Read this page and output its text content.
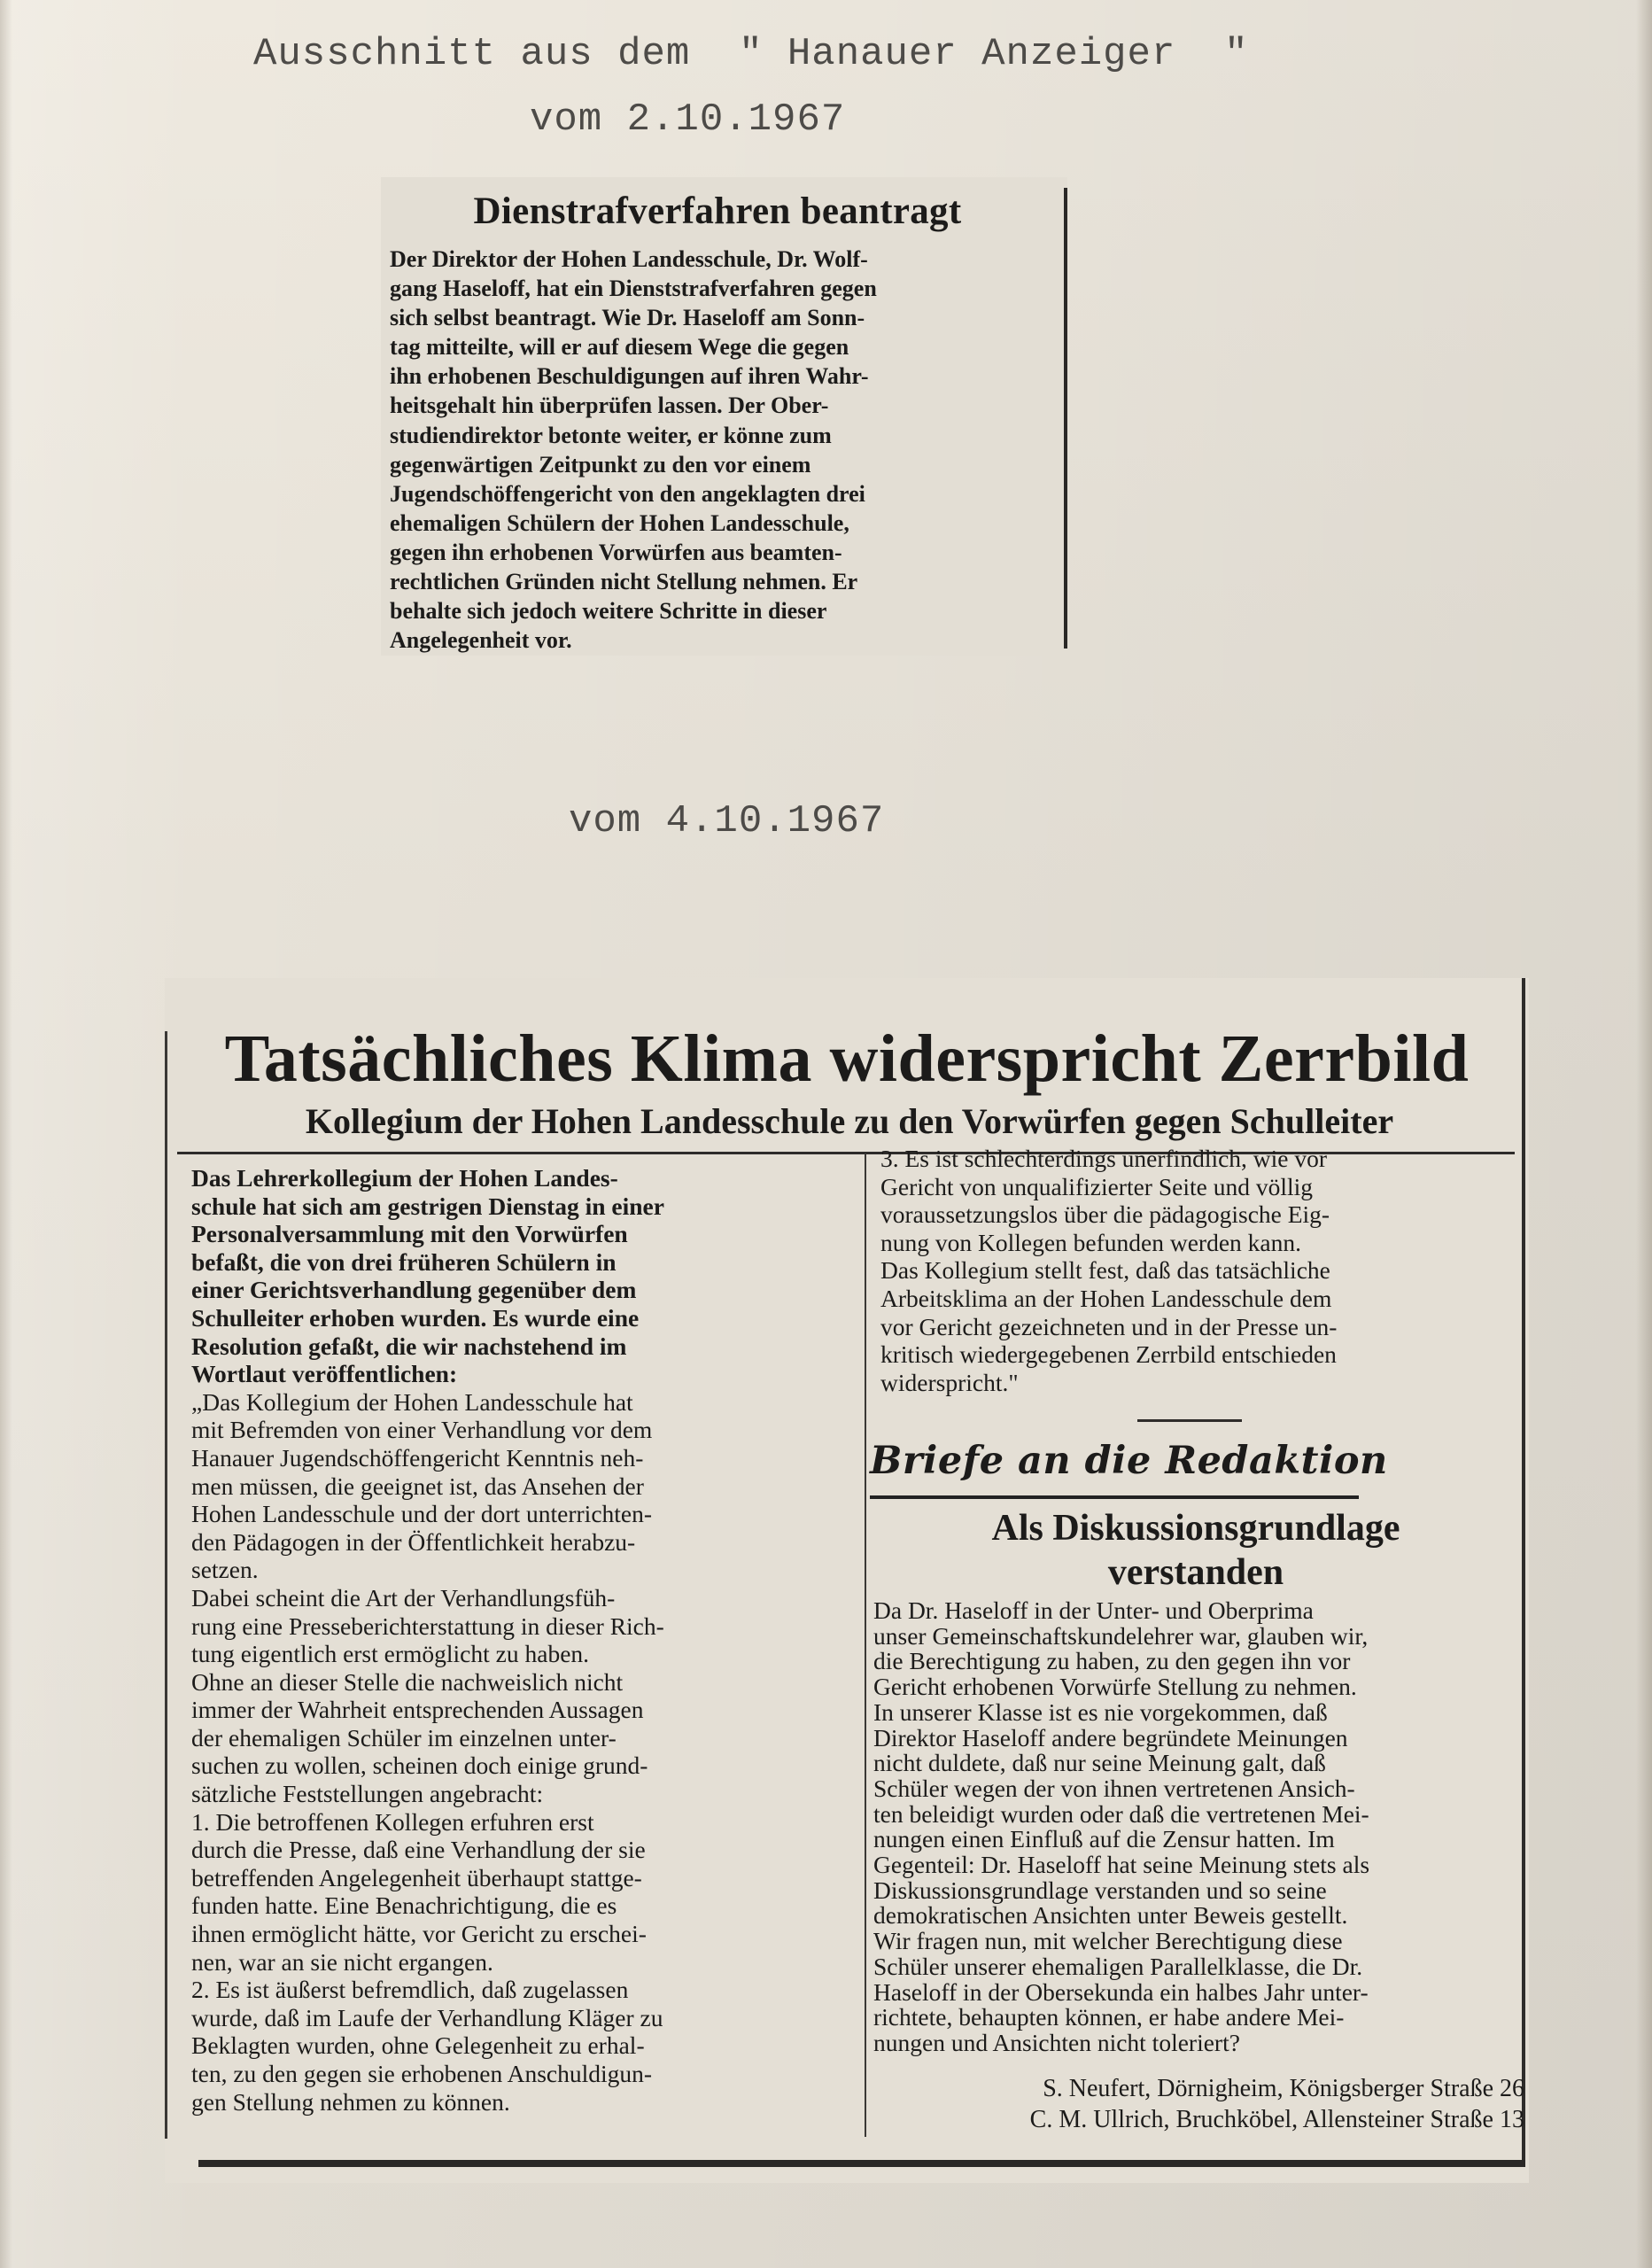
Ausschnitt aus dem  " Hanauer Anzeiger  "
vom 2.10.1967
Dienstrafverfahren beantragt
Der Direktor der Hohen Landesschule, Dr. Wolf-
gang Haseloff, hat ein Dienststrafverfahren gegen
sich selbst beantragt. Wie Dr. Haseloff am Sonn-
tag mitteilte, will er auf diesem Wege die gegen
ihn erhobenen Beschuldigungen auf ihren Wahr-
heitsgehalt hin überprüfen lassen. Der Ober-
studiendirektor betonte weiter, er könne zum
gegenwärtigen Zeitpunkt zu den vor einem
Jugendschöffengericht von den angeklagten drei
ehemaligen Schülern der Hohen Landesschule,
gegen ihn erhobenen Vorwürfen aus beamten-
rechtlichen Gründen nicht Stellung nehmen. Er
behalte sich jedoch weitere Schritte in dieser
Angelegenheit vor.
vom 4.10.1967
Tatsächliches Klima widerspricht Zerrbild
Kollegium der Hohen Landesschule zu den Vorwürfen gegen Schulleiter
Das Lehrerkollegium der Hohen Landes-
schule hat sich am gestrigen Dienstag in einer
Personalversammlung mit den Vorwürfen
befaßt, die von drei früheren Schülern in
einer Gerichtsverhandlung gegenüber dem
Schulleiter erhoben wurden. Es wurde eine
Resolution gefaßt, die wir nachstehend im
Wortlaut veröffentlichen:
„Das Kollegium der Hohen Landesschule hat
mit Befremden von einer Verhandlung vor dem
Hanauer Jugendschöffengericht Kenntnis neh-
men müssen, die geeignet ist, das Ansehen der
Hohen Landesschule und der dort unterrichten-
den Pädagogen in der Öffentlichkeit herabzu-
setzen.
Dabei scheint die Art der Verhandlungsfüh-
rung eine Presseberichterstattung in dieser Rich-
tung eigentlich erst ermöglicht zu haben.
Ohne an dieser Stelle die nachweislich nicht
immer der Wahrheit entsprechenden Aussagen
der ehemaligen Schüler im einzelnen unter-
suchen zu wollen, scheinen doch einige grund-
sätzliche Feststellungen angebracht:
1. Die betroffenen Kollegen erfuhren erst
durch die Presse, daß eine Verhandlung der sie
betreffenden Angelegenheit überhaupt stattge-
funden hatte. Eine Benachrichtigung, die es
ihnen ermöglicht hätte, vor Gericht zu erschei-
nen, war an sie nicht ergangen.
2. Es ist äußerst befremdlich, daß zugelassen
wurde, daß im Laufe der Verhandlung Kläger zu
Beklagten wurden, ohne Gelegenheit zu erhal-
ten, zu den gegen sie erhobenen Anschuldigun-
gen Stellung nehmen zu können.
3. Es ist schlechterdings unerfindlich, wie vor
Gericht von unqualifizierter Seite und völlig
voraussetzungslos über die pädagogische Eig-
nung von Kollegen befunden werden kann.
Das Kollegium stellt fest, daß das tatsächliche
Arbeitsklima an der Hohen Landesschule dem
vor Gericht gezeichneten und in der Presse un-
kritisch wiedergegebenen Zerrbild entschieden
widerspricht."
Briefe an die Redaktion
Als Diskussionsgrundlage
verstanden
Da Dr. Haseloff in der Unter- und Oberprima
unser Gemeinschaftskundelehrer war, glauben wir,
die Berechtigung zu haben, zu den gegen ihn vor
Gericht erhobenen Vorwürfe Stellung zu nehmen.
In unserer Klasse ist es nie vorgekommen, daß
Direktor Haseloff andere begründete Meinungen
nicht duldete, daß nur seine Meinung galt, daß
Schüler wegen der von ihnen vertretenen Ansich-
ten beleidigt wurden oder daß die vertretenen Mei-
nungen einen Einfluß auf die Zensur hatten. Im
Gegenteil: Dr. Haseloff hat seine Meinung stets als
Diskussionsgrundlage verstanden und so seine
demokratischen Ansichten unter Beweis gestellt.
Wir fragen nun, mit welcher Berechtigung diese
Schüler unserer ehemaligen Parallelklasse, die Dr.
Haseloff in der Obersekunda ein halbes Jahr unter-
richtete, behaupten können, er habe andere Mei-
nungen und Ansichten nicht toleriert?
S. Neufert, Dörnigheim, Königsberger Straße 26
C. M. Ullrich, Bruchköbel, Allensteiner Straße 13
